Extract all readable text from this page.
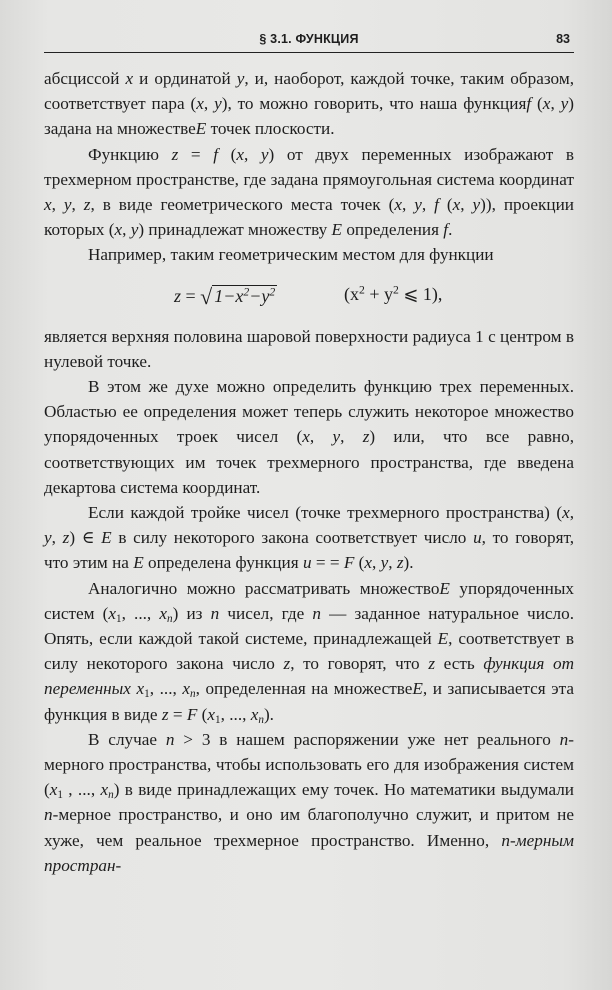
§ 3.1. ФУНКЦИЯ	83

абсциссой x и ординатой y, и, наоборот, каждой точке, таким образом, соответствует пара (x, y), то можно говорить, что наша функцияf (x, y) задана на множествеE точек плоскости.

Функцию z = f (x, y) от двух переменных изображают в трехмерном пространстве, где задана прямоугольная система координат x, y, z, в виде геометрического места точек (x, y, f (x, y)), проекции которых (x, y) принадлежат множеству E определения f.

Например, таким геометрическим местом для функции

z = √ $1-x^2-y^2$	($x^2 + y^2$ ⩽ 1),

является верхняя половина шаровой поверхности радиуса 1 с центром в нулевой точке.

В этом же духе можно определить функцию трех переменных. Областью ее определения может теперь служить некоторое множество упорядоченных троек чисел (x, y, z) или, что все равно, соответствующих им точек трехмерного пространства, где введена декартова система координат.

Если каждой тройке чисел (точке трехмерного пространства) (x, y, z) ∈ E в силу некоторого закона соответствует число u, то говорят, что этим на E определена функция u = = F (x, y, z).

Аналогично можно рассматривать множествоE упорядоченных систем ($x_1$, ..., $x_n$) из n чисел, где n — заданное натуральное число. Опять, если каждой такой системе, принадлежащей E, соответствует в силу некоторого закона число z, то говорят, что z есть функция от переменных $x_1$, ..., $x_n$, определенная на множествеE, и записывается эта функция в виде z = F ($x_1$, ..., $x_n$).

В случае n > 3 в нашем распоряжении уже нет реального n-мерного пространства, чтобы использовать его для изображения систем ($x_1$ , ..., $x_n$) в виде принадлежащих ему точек. Но математики выдумали n-мерное пространство, и оно им благополучно служит, и притом не хуже, чем реальное трехмерное пространство. Именно, n-мерным простран-
